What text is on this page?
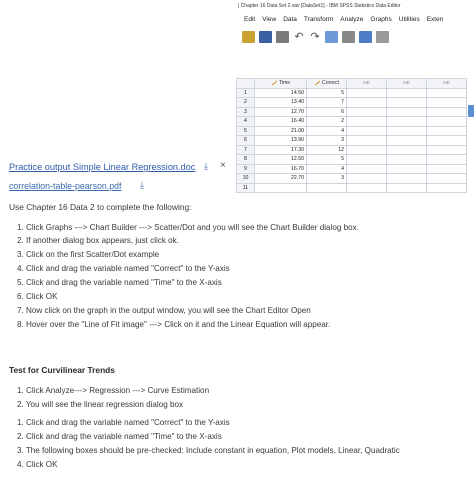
| Chapter 16 Data Set 2.sav [DataSet1] - IBM SPSS Statistics Data Editor
Edit View Data Transform Analyze Graphs Utilities Exten
↶ ↷
	Time	Correct	var	var	var
1	14.50	5			
2	13.40	7			
3	12.70	6			
4	16.40	2			
5	21.00	4			
6	13.90	3			
7	17.30	12			
8	12.50	5			
9	16.70	4			
10	22.70	3			
11					
Practice output Simple Linear Regression.doc ⤓ ×
correlation-table-pearson.pdf ⤓
Use Chapter 16 Data 2 to complete the following:
1. Click Graphs ---> Chart Builder ---> Scatter/Dot and you will see the Chart Builder dialog box.
2. If another dialog box appears, just click ok.
3. Click on the first Scatter/Dot example
4. Click and drag the variable named "Correct" to the Y-axis
5. Click and drag the variable named "Time" to the X-axis
6. Click OK
7. Now click on the graph in the output window, you will see the Chart Editor Open
8. Hover over the "Line of Fit image" ---> Click on it and the Linear Equation will appear.
Test for Curvilinear Trends
1. Click Analyze---> Regression ---> Curve Estimation
2. You will see the linear regression dialog box
1. Click and drag the variable named "Correct" to the Y-axis
2. Click and drag the variable named "Time" to the X-axis
3. The following boxes should be pre-checked: Include constant in equation, Plot models, Linear, Quadratic
4. Click OK
